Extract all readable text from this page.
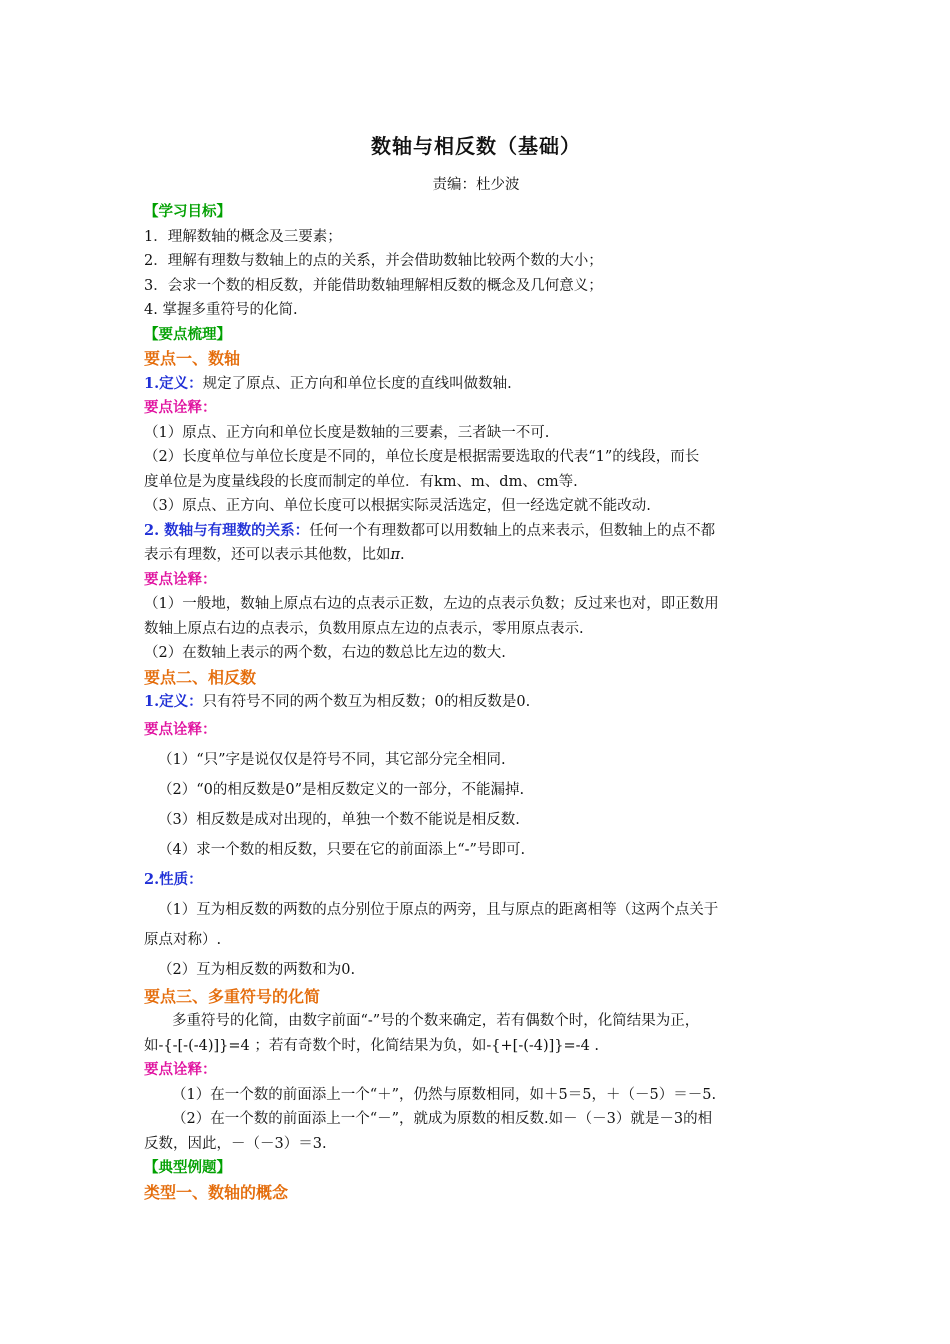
数轴与相反数（基础）
责编：杜少波

【学习目标】

1．理解数轴的概念及三要素；

2．理解有理数与数轴上的点的关系，并会借助数轴比较两个数的大小；

3．会求一个数的相反数，并能借助数轴理解相反数的概念及几何意义；

4. 掌握多重符号的化简.

【要点梳理】

要点一、数轴

1.定义：规定了原点、正方向和单位长度的直线叫做数轴.

要点诠释：

（1）原点、正方向和单位长度是数轴的三要素，三者缺一不可.

（2）长度单位与单位长度是不同的，单位长度是根据需要选取的代表“1”的线段，而长

度单位是为度量线段的长度而制定的单位．有km、m、dm、cm等.

（3）原点、正方向、单位长度可以根据实际灵活选定，但一经选定就不能改动.

2. 数轴与有理数的关系：任何一个有理数都可以用数轴上的点来表示，但数轴上的点不都

表示有理数，还可以表示其他数，比如π.

要点诠释：

（1）一般地，数轴上原点右边的点表示正数，左边的点表示负数；反过来也对，即正数用

数轴上原点右边的点表示，负数用原点左边的点表示，零用原点表示.

（2）在数轴上表示的两个数，右边的数总比左边的数大.

要点二、相反数

1.定义：只有符号不同的两个数互为相反数；0的相反数是0.

要点诠释：

（1）“只”字是说仅仅是符号不同，其它部分完全相同.

（2）“0的相反数是0”是相反数定义的一部分，不能漏掉.

（3）相反数是成对出现的，单独一个数不能说是相反数.

（4）求一个数的相反数，只要在它的前面添上“-”号即可.

2.性质：

（1）互为相反数的两数的点分别位于原点的两旁，且与原点的距离相等（这两个点关于

原点对称）.

（2）互为相反数的两数和为0.

要点三、多重符号的化简

多重符号的化简，由数字前面“-”号的个数来确定，若有偶数个时，化简结果为正，

如-{-[-(-4)]}=4 ；若有奇数个时，化简结果为负，如-{+[-(-4)]}=-4 .

要点诠释：

（1）在一个数的前面添上一个“＋”，仍然与原数相同，如＋5＝5，＋（－5）＝－5.

（2）在一个数的前面添上一个“－”，就成为原数的相反数.如－（－3）就是－3的相

反数，因此，－（－3）＝3.

【典型例题】

类型一、数轴的概念
